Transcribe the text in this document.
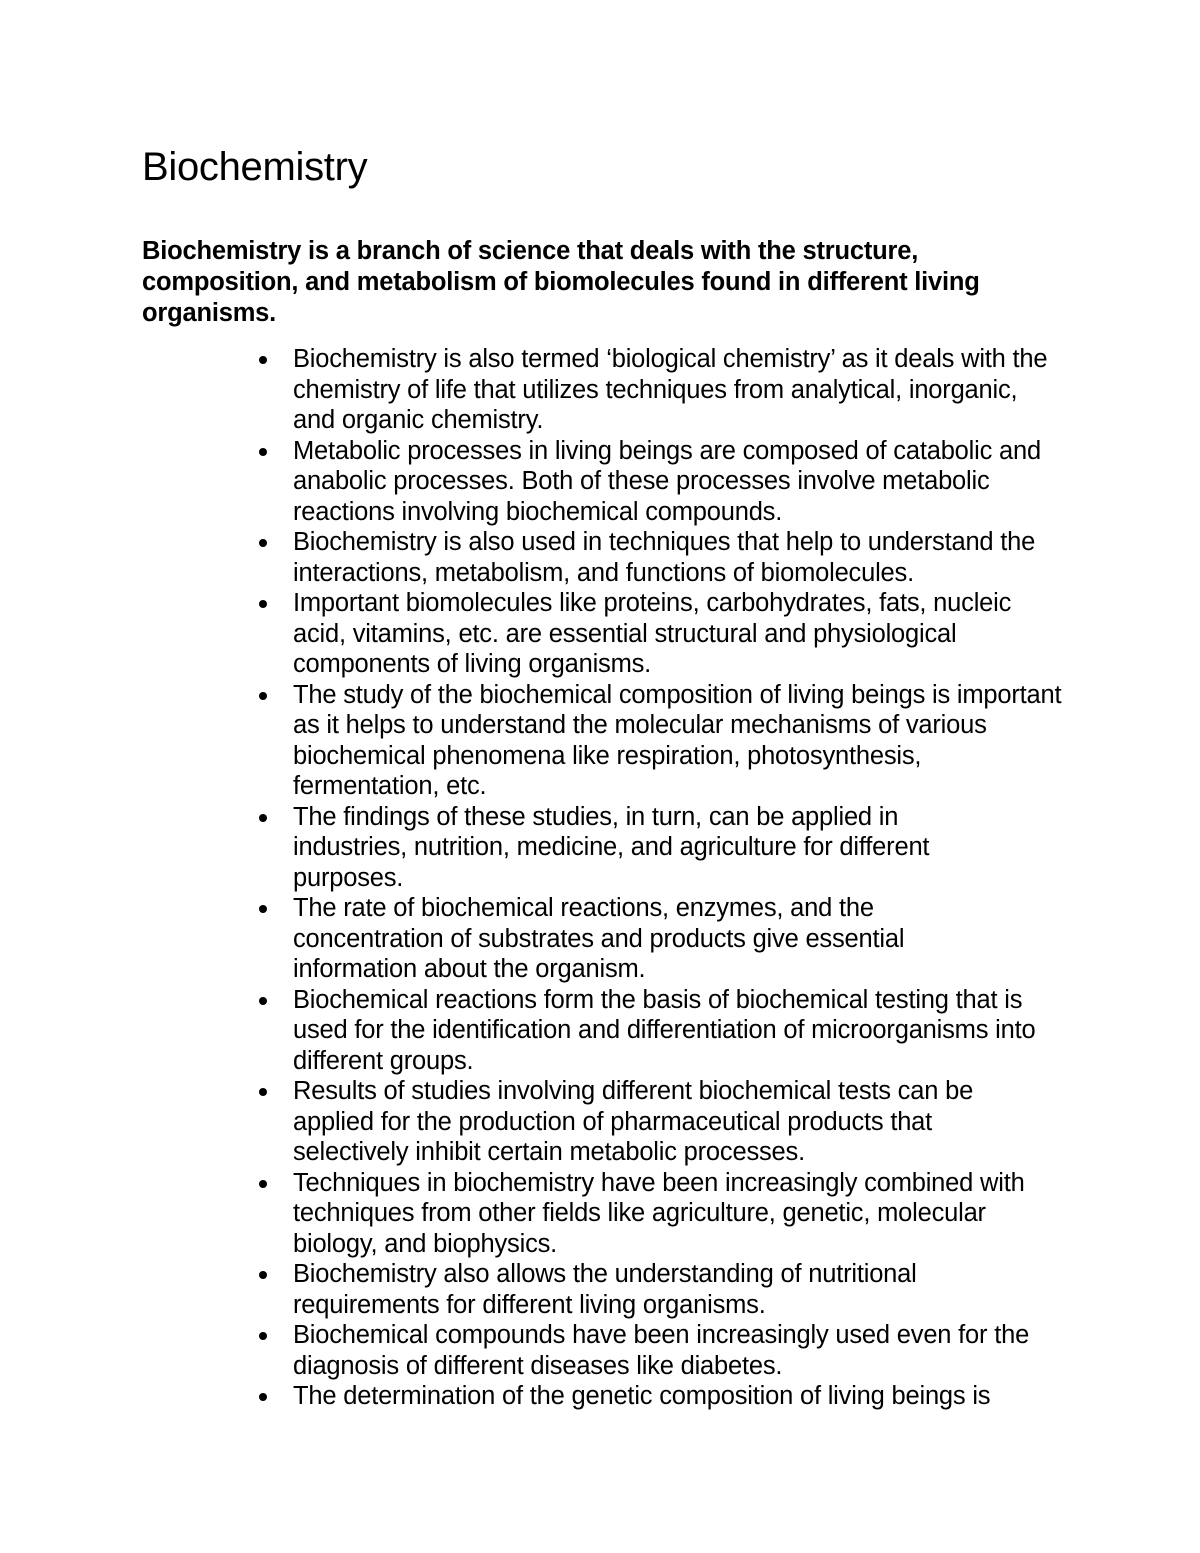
Biochemistry

Biochemistry is a branch of science that deals with the structure, composition, and metabolism of biomolecules found in different living organisms.

Biochemistry is also termed ‘biological chemistry’ as it deals with the chemistry of life that utilizes techniques from analytical, inorganic, and organic chemistry.
Metabolic processes in living beings are composed of catabolic and anabolic processes. Both of these processes involve metabolic reactions involving biochemical compounds.
Biochemistry is also used in techniques that help to understand the interactions, metabolism, and functions of biomolecules.
Important biomolecules like proteins, carbohydrates, fats, nucleic acid, vitamins, etc. are essential structural and physiological components of living organisms.
The study of the biochemical composition of living beings is important as it helps to understand the molecular mechanisms of various biochemical phenomena like respiration, photosynthesis, fermentation, etc.
The findings of these studies, in turn, can be applied in industries, nutrition, medicine, and agriculture for different purposes.
The rate of biochemical reactions, enzymes, and the concentration of substrates and products give essential information about the organism.
Biochemical reactions form the basis of biochemical testing that is used for the identification and differentiation of microorganisms into different groups.
Results of studies involving different biochemical tests can be applied for the production of pharmaceutical products that selectively inhibit certain metabolic processes.
Techniques in biochemistry have been increasingly combined with techniques from other fields like agriculture, genetic, molecular biology, and biophysics.
Biochemistry also allows the understanding of nutritional requirements for different living organisms.
Biochemical compounds have been increasingly used even for the diagnosis of different diseases like diabetes.
The determination of the genetic composition of living beings is
